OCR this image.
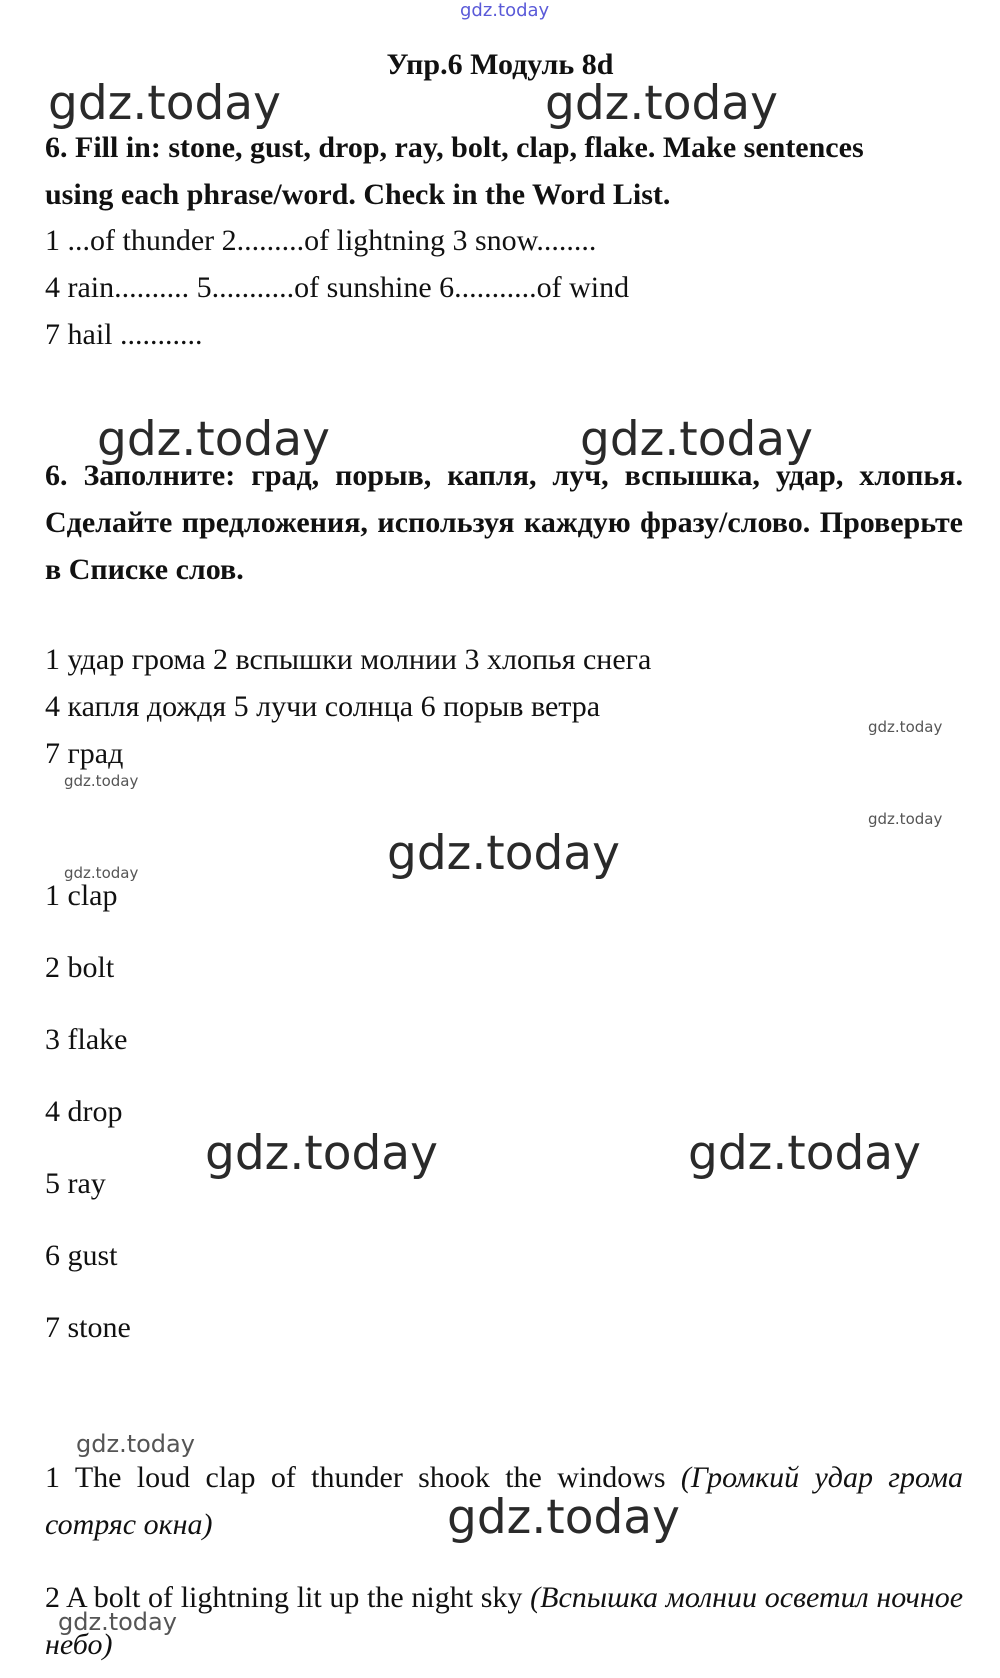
gdz.today
gdz.today	gdz.today
gdz.today	gdz.today
gdz.today
gdz.today
gdz.today
gdz.today
gdz.today
gdz.today	gdz.today
gdz.today
gdz.today
gdz.today
Упр.6 Модуль 8d
6. Fill in: stone, gust, drop, ray, bolt, clap, flake. Make sentences
using each phrase/word. Check in the Word List.
1 ...of thunder 2.........of lightning 3 snow........
4 rain.......... 5...........of sunshine 6...........of wind
7 hail ...........
6. Заполните: град, порыв, капля, луч, вспышка, удар, хлопья. Сделайте предложения, используя каждую фразу/слово. Проверьте в Списке слов.
1 удар грома 2 вспышки молнии 3 хлопья снега
4 капля дождя 5 лучи солнца 6 порыв ветра
7 град
1 clap
2 bolt
3 flake
4 drop
5 ray
6 gust
7 stone
1 The loud clap of thunder shook the windows (Громкий удар грома сотряс окна)
2 A bolt of lightning lit up the night sky (Вспышка молнии осветил ночное небо)
